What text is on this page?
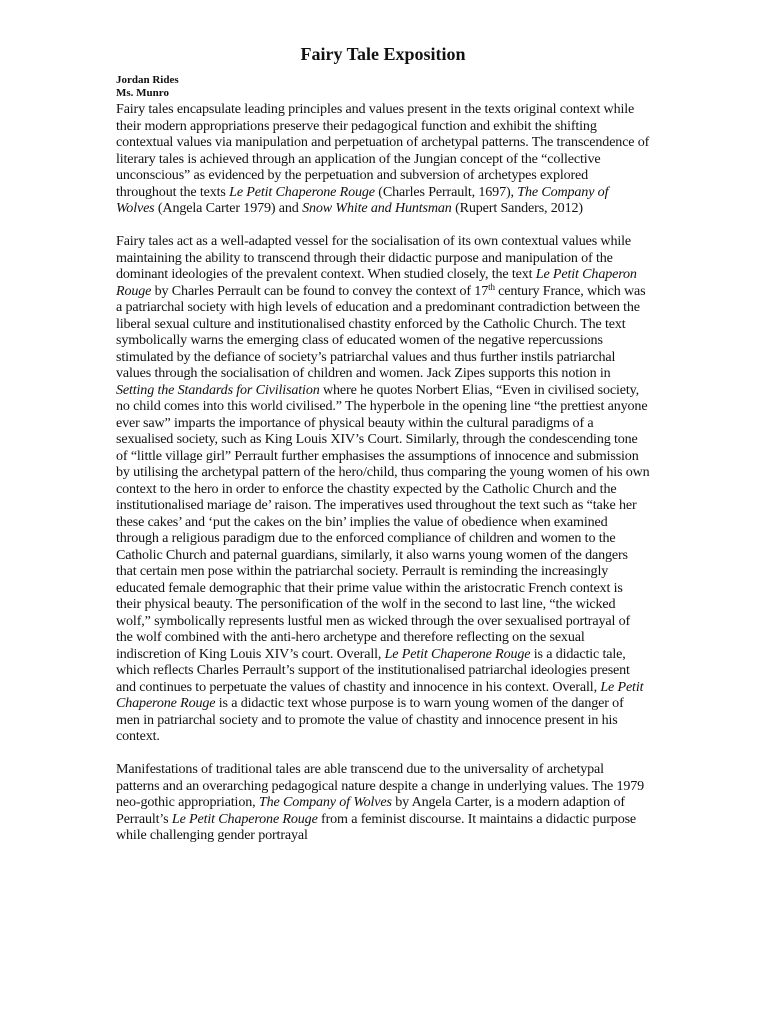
Fairy Tale Exposition
Jordan Rides
Ms. Munro

Fairy tales encapsulate leading principles and values present in the texts original context while their modern appropriations preserve their pedagogical function and exhibit the shifting contextual values via manipulation and perpetuation of archetypal patterns. The transcendence of literary tales is achieved through an application of the Jungian concept of the “collective unconscious” as evidenced by the perpetuation and subversion of archetypes explored throughout the texts Le Petit Chaperone Rouge (Charles Perrault, 1697), The Company of Wolves (Angela Carter 1979) and Snow White and Huntsman (Rupert Sanders, 2012)

Fairy tales act as a well-adapted vessel for the socialisation of its own contextual values while maintaining the ability to transcend through their didactic purpose and manipulation of the dominant ideologies of the prevalent context. When studied closely, the text Le Petit Chaperon Rouge by Charles Perrault can be found to convey the context of 17th century France, which was a patriarchal society with high levels of education and a predominant contradiction between the liberal sexual culture and institutionalised chastity enforced by the Catholic Church. The text symbolically warns the emerging class of educated women of the negative repercussions stimulated by the defiance of society’s patriarchal values and thus further instils patriarchal values through the socialisation of children and women. Jack Zipes supports this notion in Setting the Standards for Civilisation where he quotes Norbert Elias, “Even in civilised society, no child comes into this world civilised.” The hyperbole in the opening line “the prettiest anyone ever saw” imparts the importance of physical beauty within the cultural paradigms of a sexualised society, such as King Louis XIV’s Court. Similarly, through the condescending tone of “little village girl” Perrault further emphasises the assumptions of innocence and submission by utilising the archetypal pattern of the hero/child, thus comparing the young women of his own context to the hero in order to enforce the chastity expected by the Catholic Church and the institutionalised mariage de’ raison. The imperatives used throughout the text such as “take her these cakes’ and ‘put the cakes on the bin’ implies the value of obedience when examined through a religious paradigm due to the enforced compliance of children and women to the Catholic Church and paternal guardians, similarly, it also warns young women of the dangers that certain men pose within the patriarchal society. Perrault is reminding the increasingly educated female demographic that their prime value within the aristocratic French context is their physical beauty. The personification of the wolf in the second to last line, “the wicked wolf,” symbolically represents lustful men as wicked through the over sexualised portrayal of the wolf combined with the anti-hero archetype and therefore reflecting on the sexual indiscretion of King Louis XIV’s court. Overall, Le Petit Chaperone Rouge is a didactic tale, which reflects Charles Perrault’s support of the institutionalised patriarchal ideologies present and continues to perpetuate the values of chastity and innocence in his context. Overall, Le Petit Chaperone Rouge is a didactic text whose purpose is to warn young women of the danger of men in patriarchal society and to promote the value of chastity and innocence present in his context.

Manifestations of traditional tales are able transcend due to the universality of archetypal patterns and an overarching pedagogical nature despite a change in underlying values. The 1979 neo-gothic appropriation, The Company of Wolves by Angela Carter, is a modern adaption of Perrault’s Le Petit Chaperone Rouge from a feminist discourse. It maintains a didactic purpose while challenging gender portrayal
